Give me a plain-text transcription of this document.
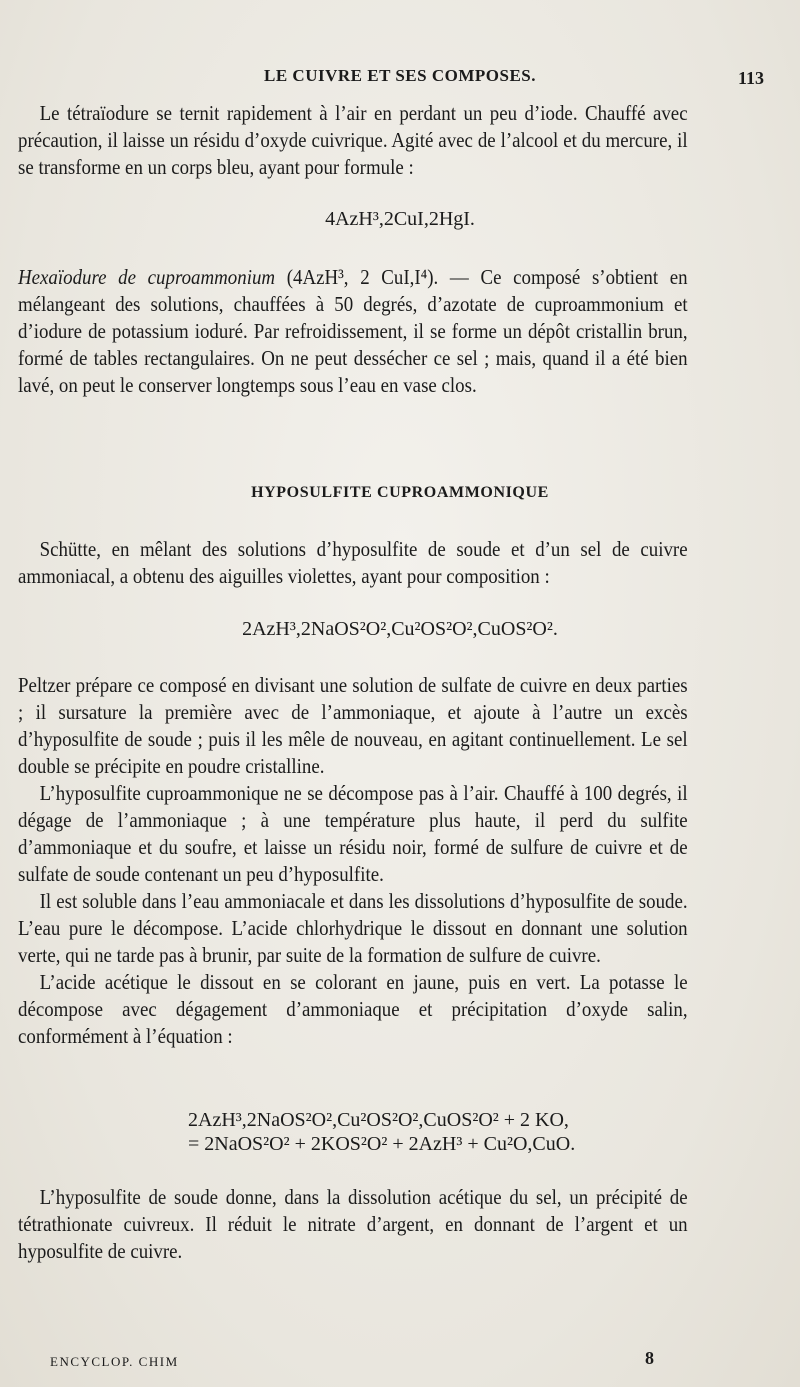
LE CUIVRE ET SES COMPOSES.	113

Le tétraïodure se ternit rapidement à l’air en perdant un peu d’iode. Chauffé avec précaution, il laisse un résidu d’oxyde cuivrique. Agité avec de l’alcool et du mercure, il se transforme en un corps bleu, ayant pour formule :

4AzH³,2CuI,2HgI.

Hexaïodure de cuproammonium (4AzH³, 2 CuI,I⁴). — Ce composé s’obtient en mélangeant des solutions, chauffées à 50 degrés, d’azotate de cuproammonium et d’iodure de potassium ioduré. Par refroidissement, il se forme un dépôt cristallin brun, formé de tables rectangulaires. On ne peut dessécher ce sel ; mais, quand il a été bien lavé, on peut le conserver longtemps sous l’eau en vase clos.

HYPOSULFITE CUPROAMMONIQUE

Schütte, en mêlant des solutions d’hyposulfite de soude et d’un sel de cuivre ammoniacal, a obtenu des aiguilles violettes, ayant pour composition :

2AzH³,2NaOS²O²,Cu²OS²O²,CuOS²O².

Peltzer prépare ce composé en divisant une solution de sulfate de cuivre en deux parties ; il sursature la première avec de l’ammoniaque, et ajoute à l’autre un excès d’hyposulfite de soude ; puis il les mêle de nouveau, en agitant continuellement. Le sel double se précipite en poudre cristalline.

L’hyposulfite cuproammonique ne se décompose pas à l’air. Chauffé à 100 degrés, il dégage de l’ammoniaque ; à une température plus haute, il perd du sulfite d’ammoniaque et du soufre, et laisse un résidu noir, formé de sulfure de cuivre et de sulfate de soude contenant un peu d’hyposulfite.

Il est soluble dans l’eau ammoniacale et dans les dissolutions d’hyposulfite de soude. L’eau pure le décompose. L’acide chlorhydrique le dissout en donnant une solution verte, qui ne tarde pas à brunir, par suite de la formation de sulfure de cuivre.

L’acide acétique le dissout en se colorant en jaune, puis en vert. La potasse le décompose avec dégagement d’ammoniaque et précipitation d’oxyde salin, conformément à l’équation :

2AzH³,2NaOS²O²,Cu²OS²O²,CuOS²O² + 2 KO,
= 2NaOS²O² + 2KOS²O² + 2AzH³ + Cu²O,CuO.

L’hyposulfite de soude donne, dans la dissolution acétique du sel, un précipité de tétrathionate cuivreux. Il réduit le nitrate d’argent, en donnant de l’argent et un hyposulfite de cuivre.

ENCYCLOP. CHIM	8
